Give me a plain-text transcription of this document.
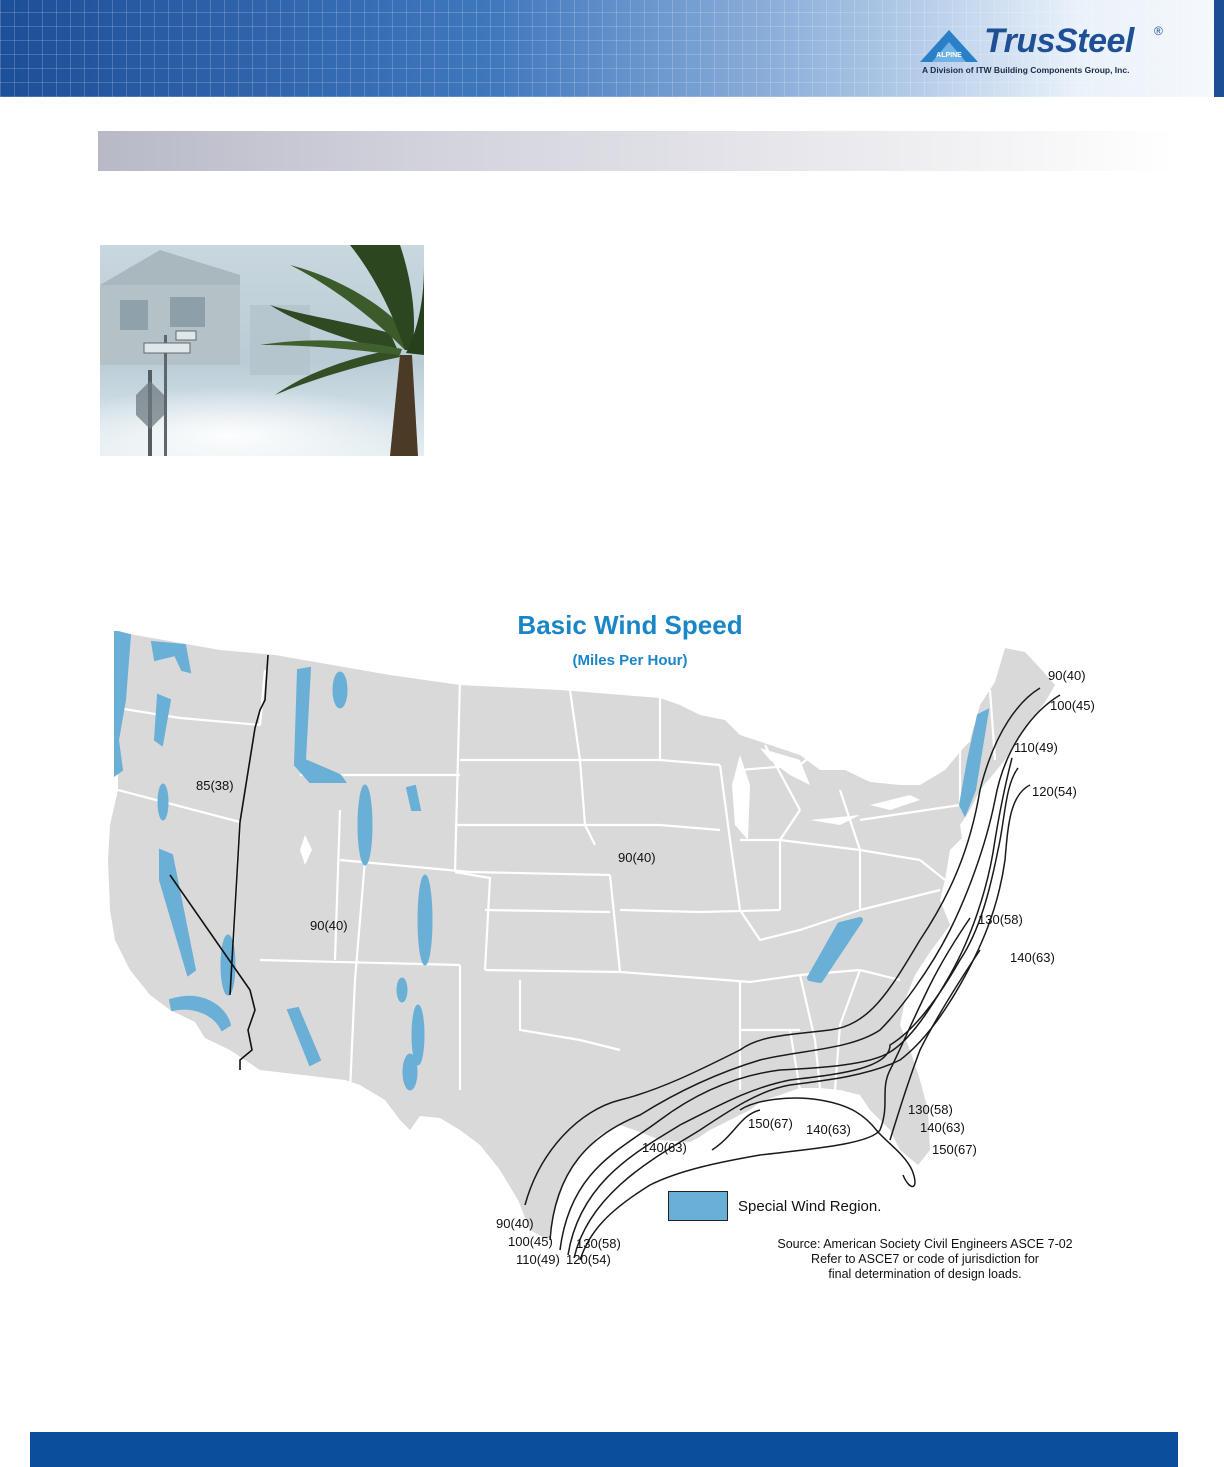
ALPINE TrusSteel ®
A Division of ITW Building Components Group, Inc.
Basic Wind Speed
(Miles Per Hour)
85(38)
90(40)
90(40)
90(40)
100(45)
110(49)
120(54)
130(58)
140(63)
130(58)
140(63)
150(67)
150(67) 140(63)
140(63)
90(40)
100(45)
110(49) 120(54)
130(58)
Special Wind Region.
Source: American Society Civil Engineers ASCE 7-02
Refer to ASCE7 or code of jurisdiction for
final determination of design loads.
